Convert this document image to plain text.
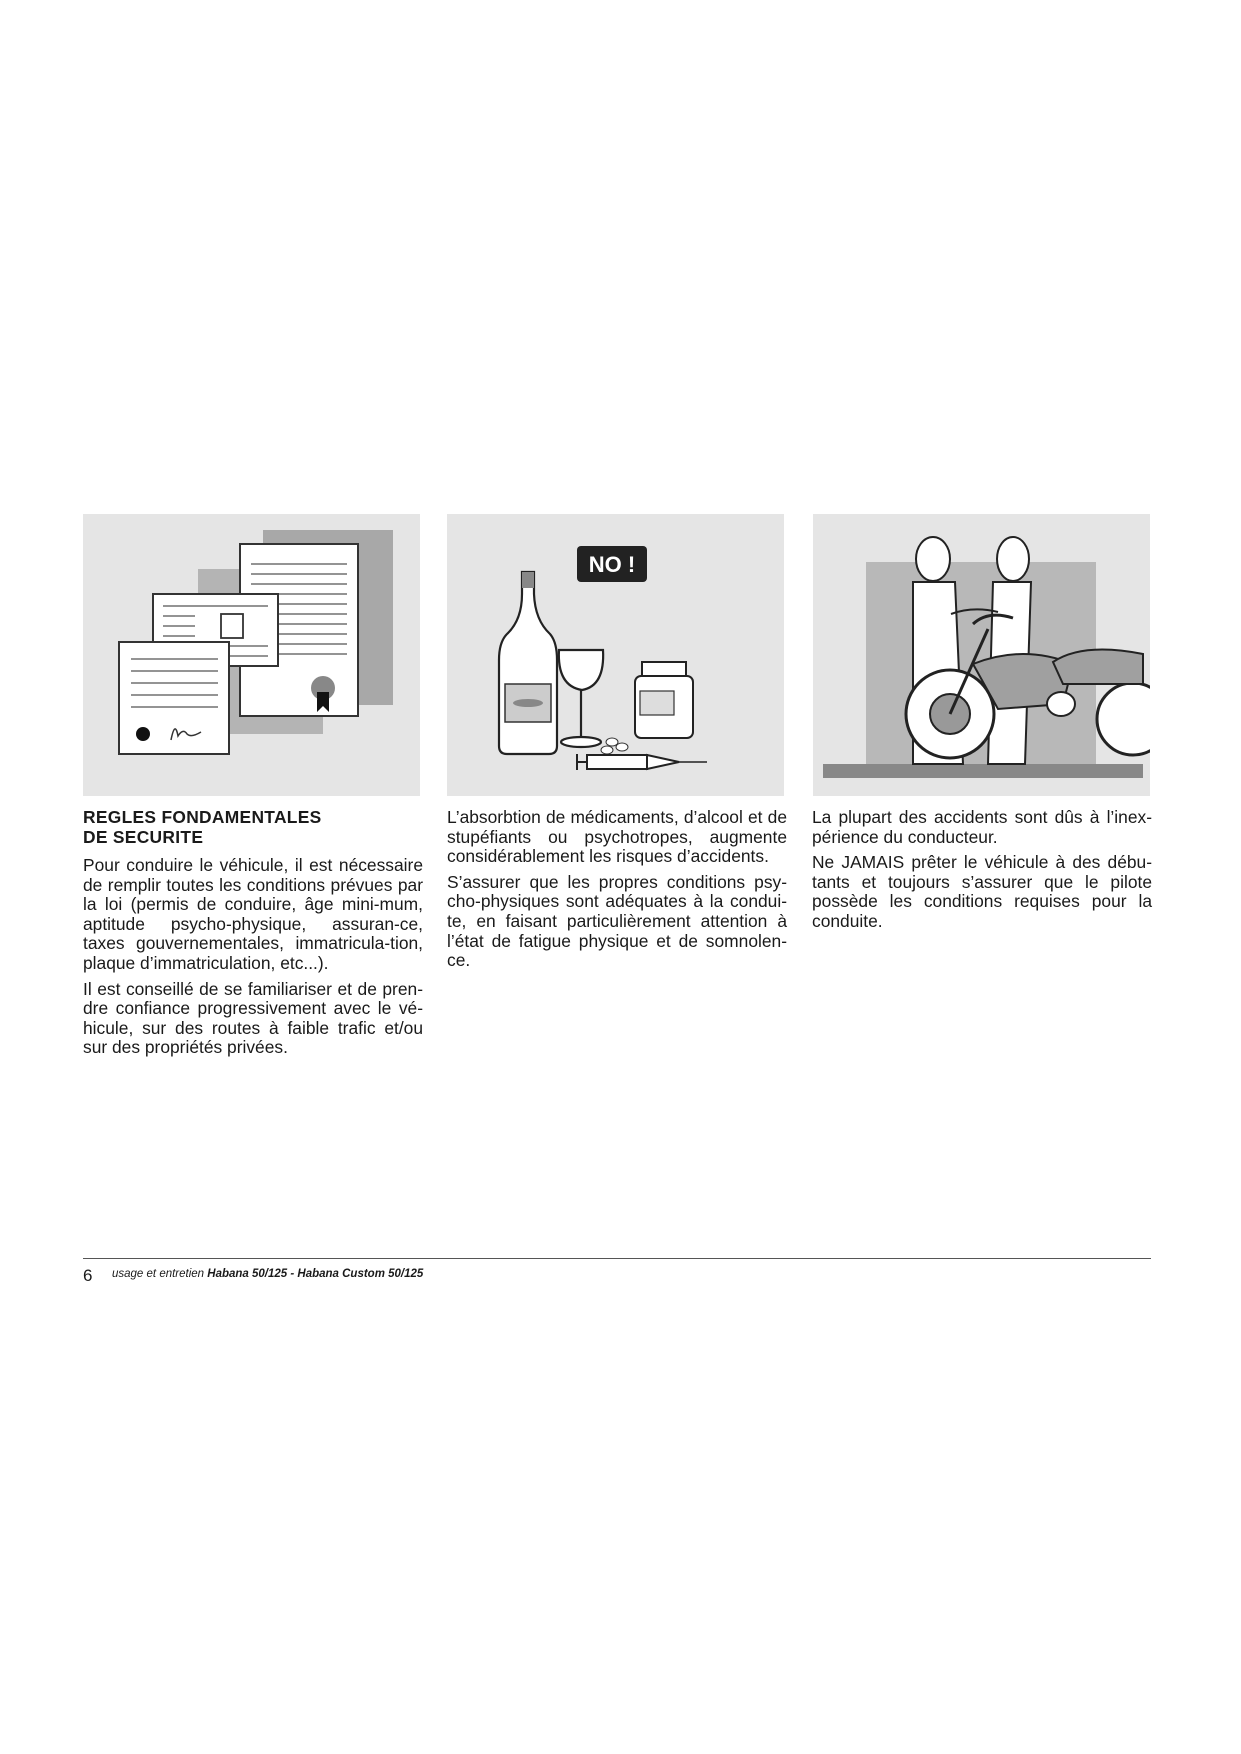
NO !
REGLES FONDAMENTALES
DE SECURITE

Pour conduire le véhicule, il est nécessaire de remplir toutes les conditions prévues par la loi (permis de conduire, âge mini-mum, aptitude psycho-physique, assuran-ce, taxes gouvernementales, immatricula-tion, plaque d’immatriculation, etc...).

Il est conseillé de se familiariser et de pren-dre confiance progressivement avec le vé-hicule, sur des routes à faible trafic et/ou sur des propriétés privées.

L’absorbtion de médicaments, d’alcool et de stupéfiants ou psychotropes, augmente considérablement les risques d’accidents.

S’assurer que les propres conditions psy-cho-physiques sont adéquates à la condui-te, en faisant particulièrement attention à l’état de fatigue physique et de somnolen-ce.

La plupart des accidents sont dûs à l’inex-périence du conducteur.

Ne JAMAIS prêter le véhicule à des débu-tants et toujours s’assurer que le pilote possède les conditions requises pour la conduite.

6 usage et entretien Habana 50/125 - Habana Custom 50/125
